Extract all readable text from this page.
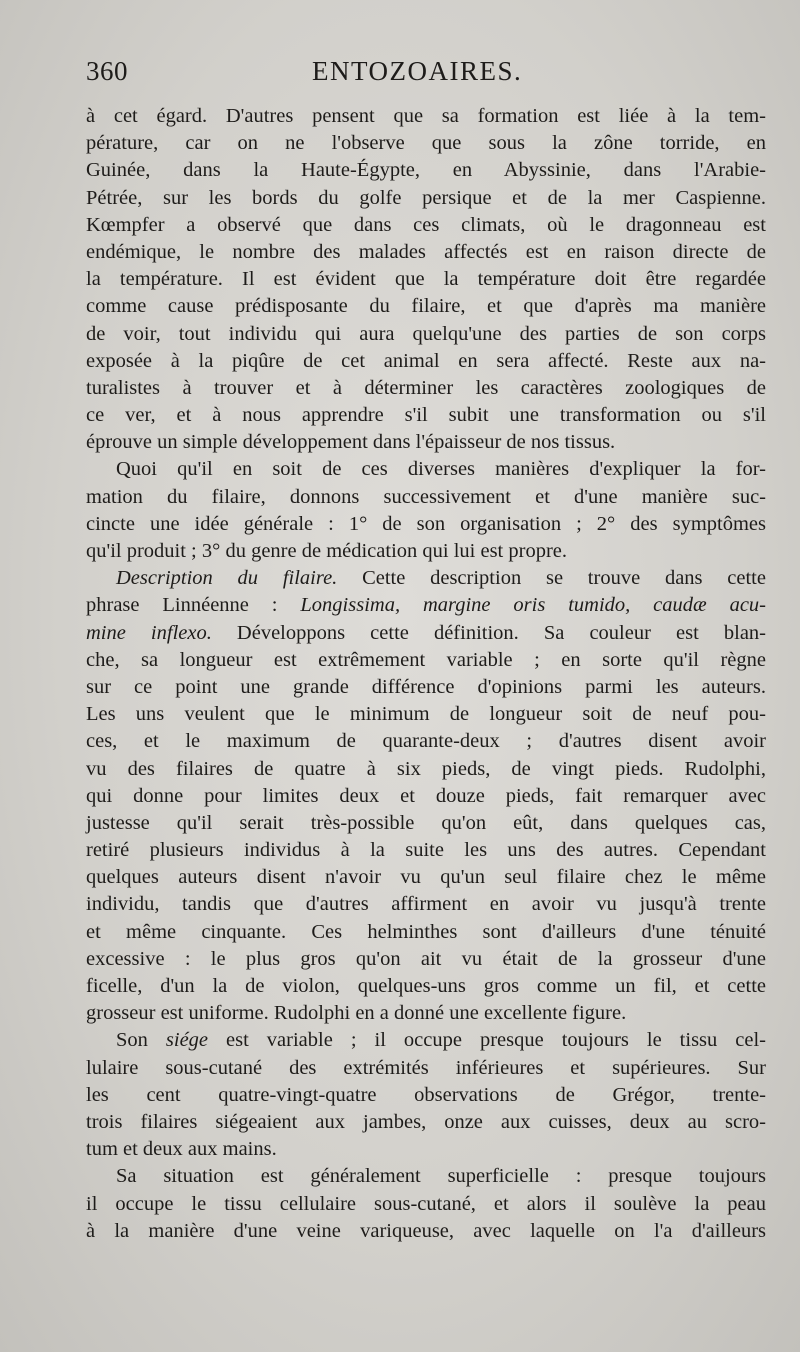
360	ENTOZOAIRES.
à cet égard. D'autres pensent que sa formation est liée à la tem-
pérature, car on ne l'observe que sous la zône torride, en
Guinée, dans la Haute-Égypte, en Abyssinie, dans l'Arabie-
Pétrée, sur les bords du golfe persique et de la mer Caspienne.
Kœmpfer a observé que dans ces climats, où le dragonneau est
endémique, le nombre des malades affectés est en raison directe de
la température. Il est évident que la température doit être regardée
comme cause prédisposante du filaire, et que d'après ma manière
de voir, tout individu qui aura quelqu'une des parties de son corps
exposée à la piqûre de cet animal en sera affecté. Reste aux na-
turalistes à trouver et à déterminer les caractères zoologiques de
ce ver, et à nous apprendre s'il subit une transformation ou s'il
éprouve un simple développement dans l'épaisseur de nos tissus.
Quoi qu'il en soit de ces diverses manières d'expliquer la for-
mation du filaire, donnons successivement et d'une manière suc-
cincte une idée générale : 1° de son organisation ; 2° des symptômes
qu'il produit ; 3° du genre de médication qui lui est propre.
Description du filaire. Cette description se trouve dans cette
phrase Linnéenne : Longissima, margine oris tumido, caudæ acu-
mine inflexo. Développons cette définition. Sa couleur est blan-
che, sa longueur est extrêmement variable ; en sorte qu'il règne
sur ce point une grande différence d'opinions parmi les auteurs.
Les uns veulent que le minimum de longueur soit de neuf pou-
ces, et le maximum de quarante-deux ; d'autres disent avoir
vu des filaires de quatre à six pieds, de vingt pieds. Rudolphi,
qui donne pour limites deux et douze pieds, fait remarquer avec
justesse qu'il serait très-possible qu'on eût, dans quelques cas,
retiré plusieurs individus à la suite les uns des autres. Cependant
quelques auteurs disent n'avoir vu qu'un seul filaire chez le même
individu, tandis que d'autres affirment en avoir vu jusqu'à trente
et même cinquante. Ces helminthes sont d'ailleurs d'une ténuité
excessive : le plus gros qu'on ait vu était de la grosseur d'une
ficelle, d'un la de violon, quelques-uns gros comme un fil, et cette
grosseur est uniforme. Rudolphi en a donné une excellente figure.
Son siége est variable ; il occupe presque toujours le tissu cel-
lulaire sous-cutané des extrémités inférieures et supérieures. Sur
les cent quatre-vingt-quatre observations de Grégor, trente-
trois filaires siégeaient aux jambes, onze aux cuisses, deux au scro-
tum et deux aux mains.
Sa situation est généralement superficielle : presque toujours
il occupe le tissu cellulaire sous-cutané, et alors il soulève la peau
à la manière d'une veine variqueuse, avec laquelle on l'a d'ailleurs
